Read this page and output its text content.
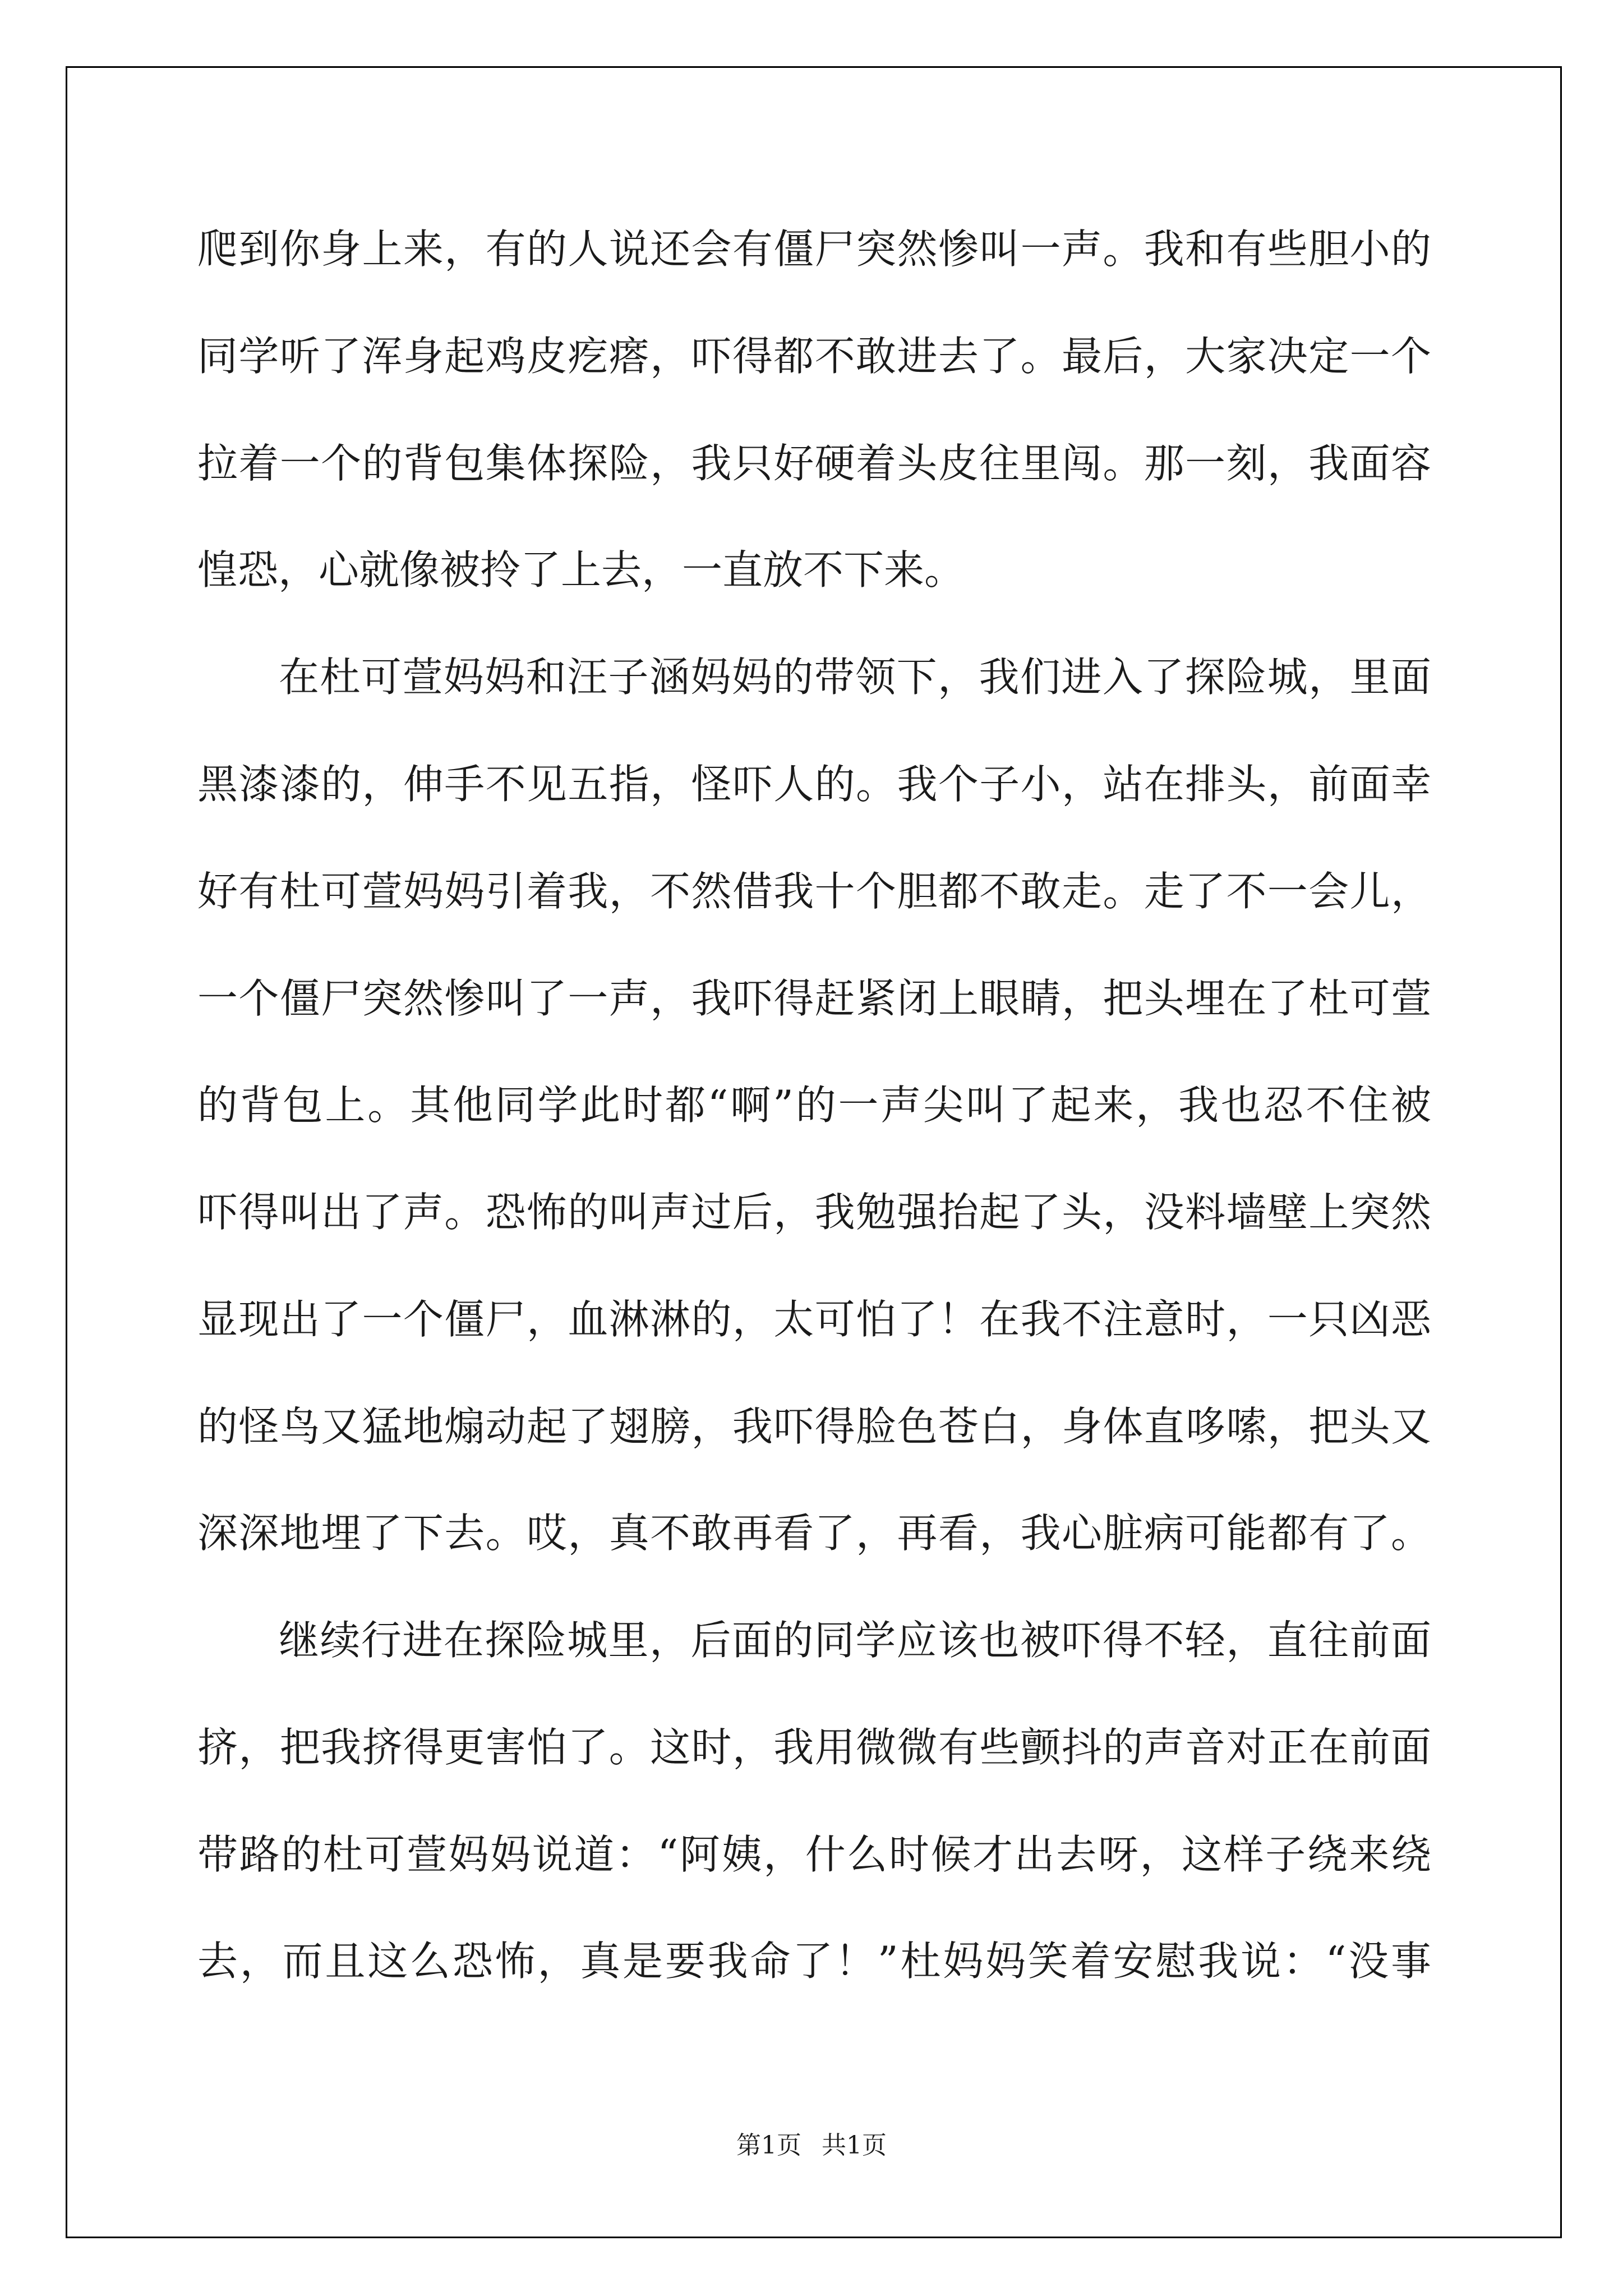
爬到你身上来，有的人说还会有僵尸突然惨叫一声。我和有些胆小的
同学听了浑身起鸡皮疙瘩，吓得都不敢进去了。最后，大家决定一个
拉着一个的背包集体探险，我只好硬着头皮往里闯。那一刻，我面容
惶恐，心就像被拎了上去，一直放不下来。
在杜可萱妈妈和汪子涵妈妈的带领下，我们进入了探险城，里面
黑漆漆的，伸手不见五指，怪吓人的。我个子小，站在排头，前面幸
好有杜可萱妈妈引着我，不然借我十个胆都不敢走。走了不一会儿，
一个僵尸突然惨叫了一声，我吓得赶紧闭上眼睛，把头埋在了杜可萱
的背包上。其他同学此时都“啊”的一声尖叫了起来，我也忍不住被
吓得叫出了声。恐怖的叫声过后，我勉强抬起了头，没料墙壁上突然
显现出了一个僵尸，血淋淋的，太可怕了！在我不注意时，一只凶恶
的怪鸟又猛地煽动起了翅膀，我吓得脸色苍白，身体直哆嗦，把头又
深深地埋了下去。哎，真不敢再看了，再看，我心脏病可能都有了。
继续行进在探险城里，后面的同学应该也被吓得不轻，直往前面
挤，把我挤得更害怕了。这时，我用微微有些颤抖的声音对正在前面
带路的杜可萱妈妈说道：“阿姨，什么时候才出去呀，这样子绕来绕
去，而且这么恐怖，真是要我命了！”杜妈妈笑着安慰我说：“没事
第1页 共1页
